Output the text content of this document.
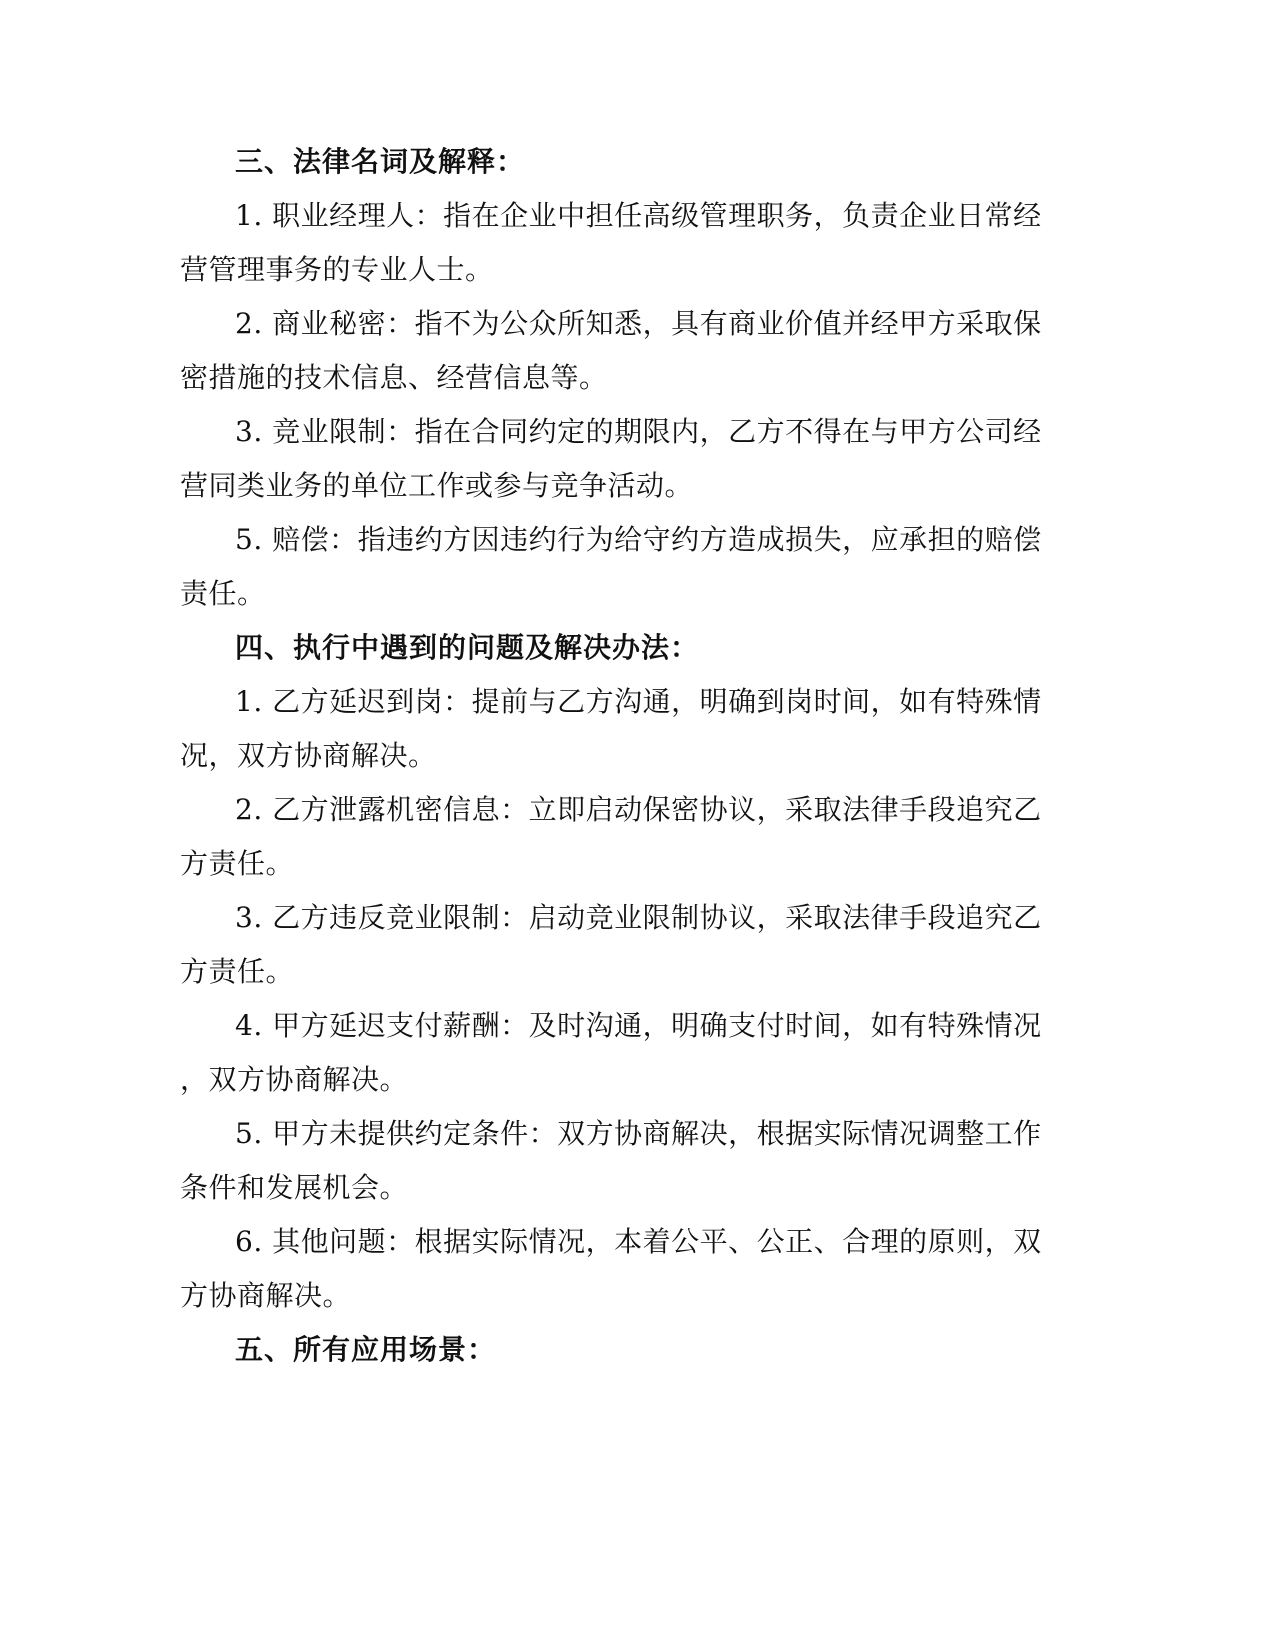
三、法律名词及解释：
1. 职业经理人：指在企业中担任高级管理职务，负责企业日常经
营管理事务的专业人士。
2. 商业秘密：指不为公众所知悉，具有商业价值并经甲方采取保
密措施的技术信息、经营信息等。
3. 竞业限制：指在合同约定的期限内，乙方不得在与甲方公司经
营同类业务的单位工作或参与竞争活动。
5. 赔偿：指违约方因违约行为给守约方造成损失，应承担的赔偿
责任。
四、执行中遇到的问题及解决办法：
1. 乙方延迟到岗：提前与乙方沟通，明确到岗时间，如有特殊情
况，双方协商解决。
2. 乙方泄露机密信息：立即启动保密协议，采取法律手段追究乙
方责任。
3. 乙方违反竞业限制：启动竞业限制协议，采取法律手段追究乙
方责任。
4. 甲方延迟支付薪酬：及时沟通，明确支付时间，如有特殊情况
，双方协商解决。
5. 甲方未提供约定条件：双方协商解决，根据实际情况调整工作
条件和发展机会。
6. 其他问题：根据实际情况，本着公平、公正、合理的原则，双
方协商解决。
五、所有应用场景：
